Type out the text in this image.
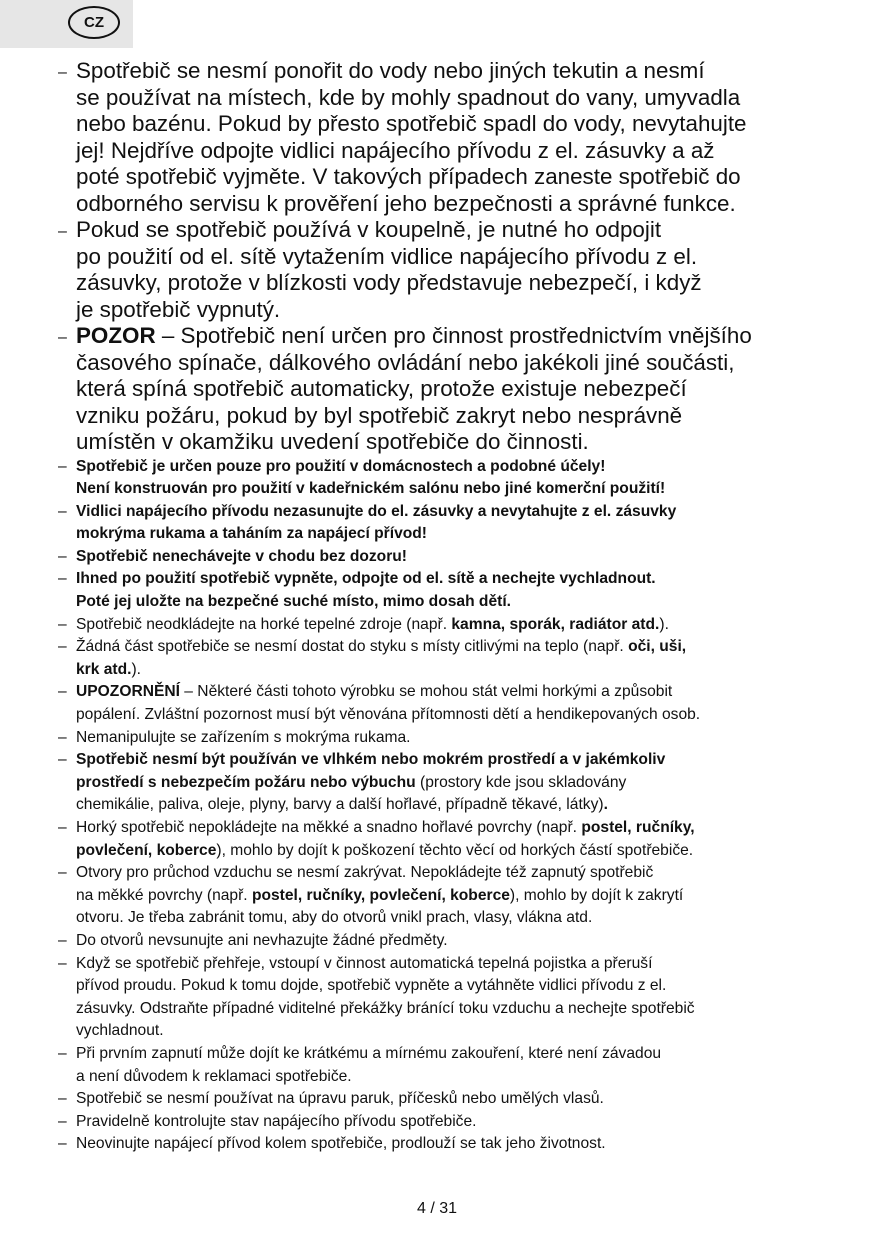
CZ
– Spotřebič se nesmí ponořit do vody nebo jiných tekutin a nesmí
se používat na místech, kde by mohly spadnout do vany, umyvadla
nebo bazénu. Pokud by přesto spotřebič spadl do vody, nevytahujte
jej! Nejdříve odpojte vidlici napájecího přívodu z el. zásuvky a až
poté spotřebič vyjměte. V takových případech zaneste spotřebič do
odborného servisu k prověření jeho bezpečnosti a správné funkce.
– Pokud se spotřebič používá v koupelně, je nutné ho odpojit
po použití od el. sítě vytažením vidlice napájecího přívodu z el.
zásuvky, protože v blízkosti vody představuje nebezpečí, i když
je spotřebič vypnutý.
– POZOR – Spotřebič není určen pro činnost prostřednictvím vnějšího
časového spínače, dálkového ovládání nebo jakékoli jiné součásti,
která spíná spotřebič automaticky, protože existuje nebezpečí
vzniku požáru, pokud by byl spotřebič zakryt nebo nesprávně
umístěn v okamžiku uvedení spotřebiče do činnosti.
– Spotřebič je určen pouze pro použití v domácnostech a podobné účely!
Není konstruován pro použití v kadeřnickém salónu nebo jiné komerční použití!
– Vidlici napájecího přívodu nezasunujte do el. zásuvky a nevytahujte z el. zásuvky
mokrýma rukama a taháním za napájecí přívod!
– Spotřebič nenechávejte v chodu bez dozoru!
– Ihned po použití spotřebič vypněte, odpojte od el. sítě a nechejte vychladnout.
Poté jej uložte na bezpečné suché místo, mimo dosah dětí.
– Spotřebič neodkládejte na horké tepelné zdroje (např. kamna, sporák, radiátor atd.).
– Žádná část spotřebiče se nesmí dostat do styku s místy citlivými na teplo (např. oči, uši,
krk atd.).
– UPOZORNĚNÍ – Některé části tohoto výrobku se mohou stát velmi horkými a způsobit
popálení. Zvláštní pozornost musí být věnována přítomnosti dětí a hendikepovaných osob.
– Nemanipulujte se zařízením s mokrýma rukama.
– Spotřebič nesmí být používán ve vlhkém nebo mokrém prostředí a v jakémkoliv
prostředí s nebezpečím požáru nebo výbuchu (prostory kde jsou skladovány
chemikálie, paliva, oleje, plyny, barvy a další hořlavé, případně těkavé, látky).
– Horký spotřebič nepokládejte na měkké a snadno hořlavé povrchy (např. postel, ručníky,
povlečení, koberce), mohlo by dojít k poškození těchto věcí od horkých částí spotřebiče.
– Otvory pro průchod vzduchu se nesmí zakrývat. Nepokládejte též zapnutý spotřebič
na měkké povrchy (např. postel, ručníky, povlečení, koberce), mohlo by dojít k zakrytí
otvoru. Je třeba zabránit tomu, aby do otvorů vnikl prach, vlasy, vlákna atd.
– Do otvorů nevsunujte ani nevhazujte žádné předměty.
– Když se spotřebič přehřeje, vstoupí v činnost automatická tepelná pojistka a přeruší
přívod proudu. Pokud k tomu dojde, spotřebič vypněte a vytáhněte vidlici přívodu z el.
zásuvky. Odstraňte případné viditelné překážky bránící toku vzduchu a nechejte spotřebič
vychladnout.
– Při prvním zapnutí může dojít ke krátkému a mírnému zakouření, které není závadou
a není důvodem k reklamaci spotřebiče.
– Spotřebič se nesmí používat na úpravu paruk, příčesků nebo umělých vlasů.
– Pravidelně kontrolujte stav napájecího přívodu spotřebiče.
– Neovinujte napájecí přívod kolem spotřebiče, prodlouží se tak jeho životnost.
4 / 31
